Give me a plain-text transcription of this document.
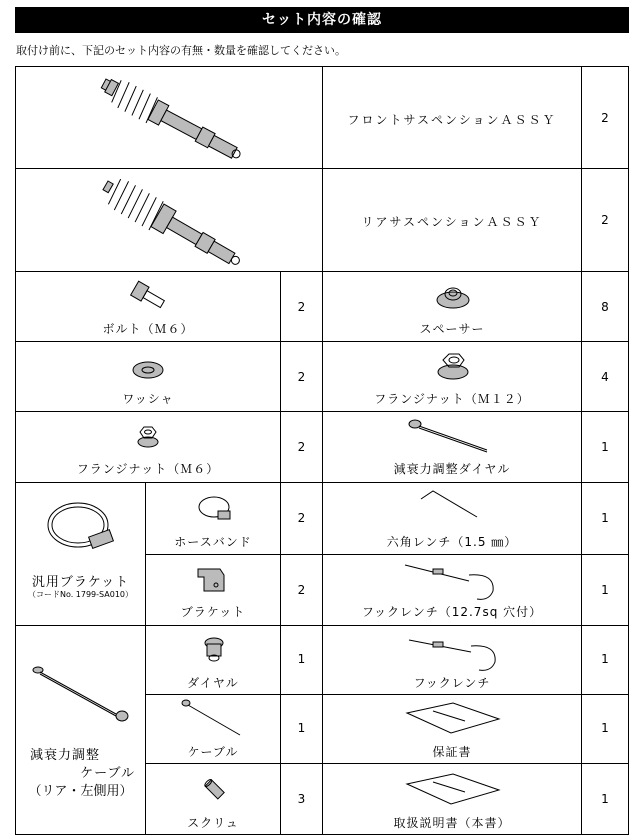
セット内容の確認
取付け前に、下記のセット内容の有無・数量を確認してください。
フロントサスペンションＡＳＳＹ	2
リアサスペンションＡＳＳＹ	2
ボルト（Ｍ６）
2
スペーサー
8
ワッシャ
2
フランジナット（Ｍ１２）
4
フランジナット（Ｍ６）
2
減衰力調整ダイヤル
1
汎用ブラケット
（コードNo. 1799-SA010）
ホースバンド
2
六角レンチ（1.5 ㎜）
1
ブラケット
2
フックレンチ（12.7sq 穴付）
1
減衰力調整
ケーブル
（リア・左側用）
ダイヤル
1
フックレンチ
1
ケーブル
1
保証書
1
スクリュ
3
取扱説明書（本書）
1
